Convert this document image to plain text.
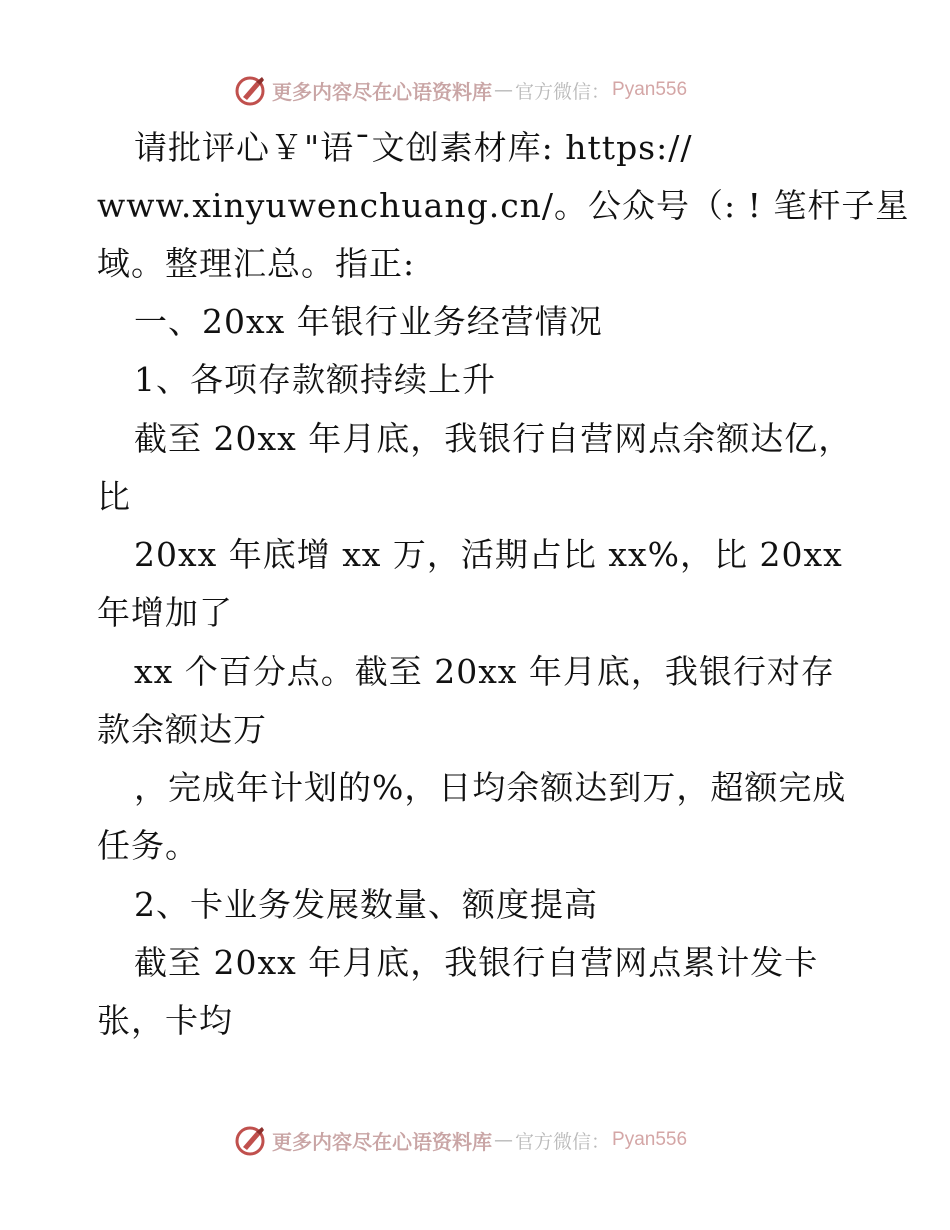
更多内容尽在心语资料库 — 官方微信： Pyan556
请批评心￥"语¯文创素材库: https://
www.xinyuwenchuang.cn/。公众号（: ! 笔杆子星
域。整理汇总。指正:
一、20xx 年银行业务经营情况
1、各项存款额持续上升
截至 20xx 年月底，我银行自营网点余额达亿，
比
20xx 年底增 xx 万，活期占比 xx%，比 20xx
年增加了
xx 个百分点。截至 20xx 年月底，我银行对存
款余额达万
，完成年计划的%，日均余额达到万，超额完成
任务。
2、卡业务发展数量、额度提高
截至 20xx 年月底，我银行自营网点累计发卡
张，卡均
更多内容尽在心语资料库 — 官方微信： Pyan556
